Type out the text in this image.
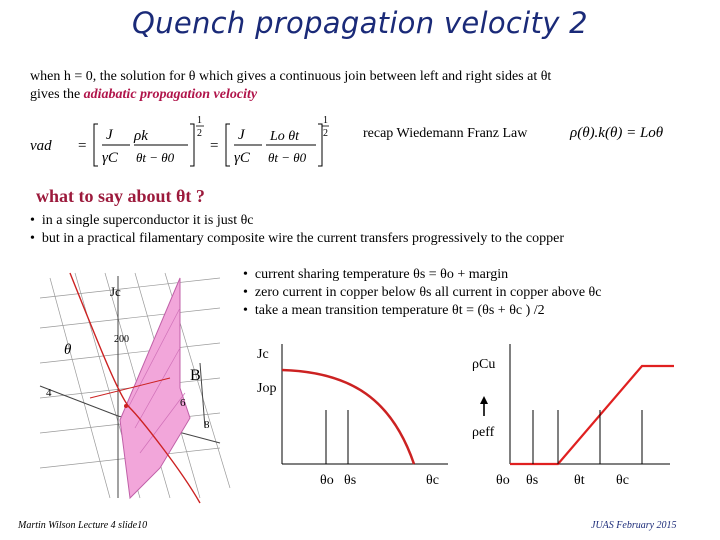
Quench propagation velocity 2
when h = 0, the solution for θ which gives a continuous join between left and right sides at θt
gives the adiabatic propagation velocity
vad =
J
γC
ρk
θt − θ0
1
2
=
J
γC
Lo θt
θt − θ0
1
2	recap Wiedemann Franz Law	ρ(θ).k(θ) = Loθ
what to say about θt ?
•  in a single superconductor it is just θc
•  but in a practical filamentary composite wire the current transfers progressively to the copper
•  current sharing temperature θs = θo + margin
•  zero current in copper below θs all current in copper above θc
•  take a mean transition temperature θt = (θs + θc ) /2
Jc
200
θ
4
B
6
8
Jc
Jop
θo θs	θc
ρCu
ρeff
θo θs	θt θc
Martin Wilson Lecture 4 slide10	JUAS February 2015
